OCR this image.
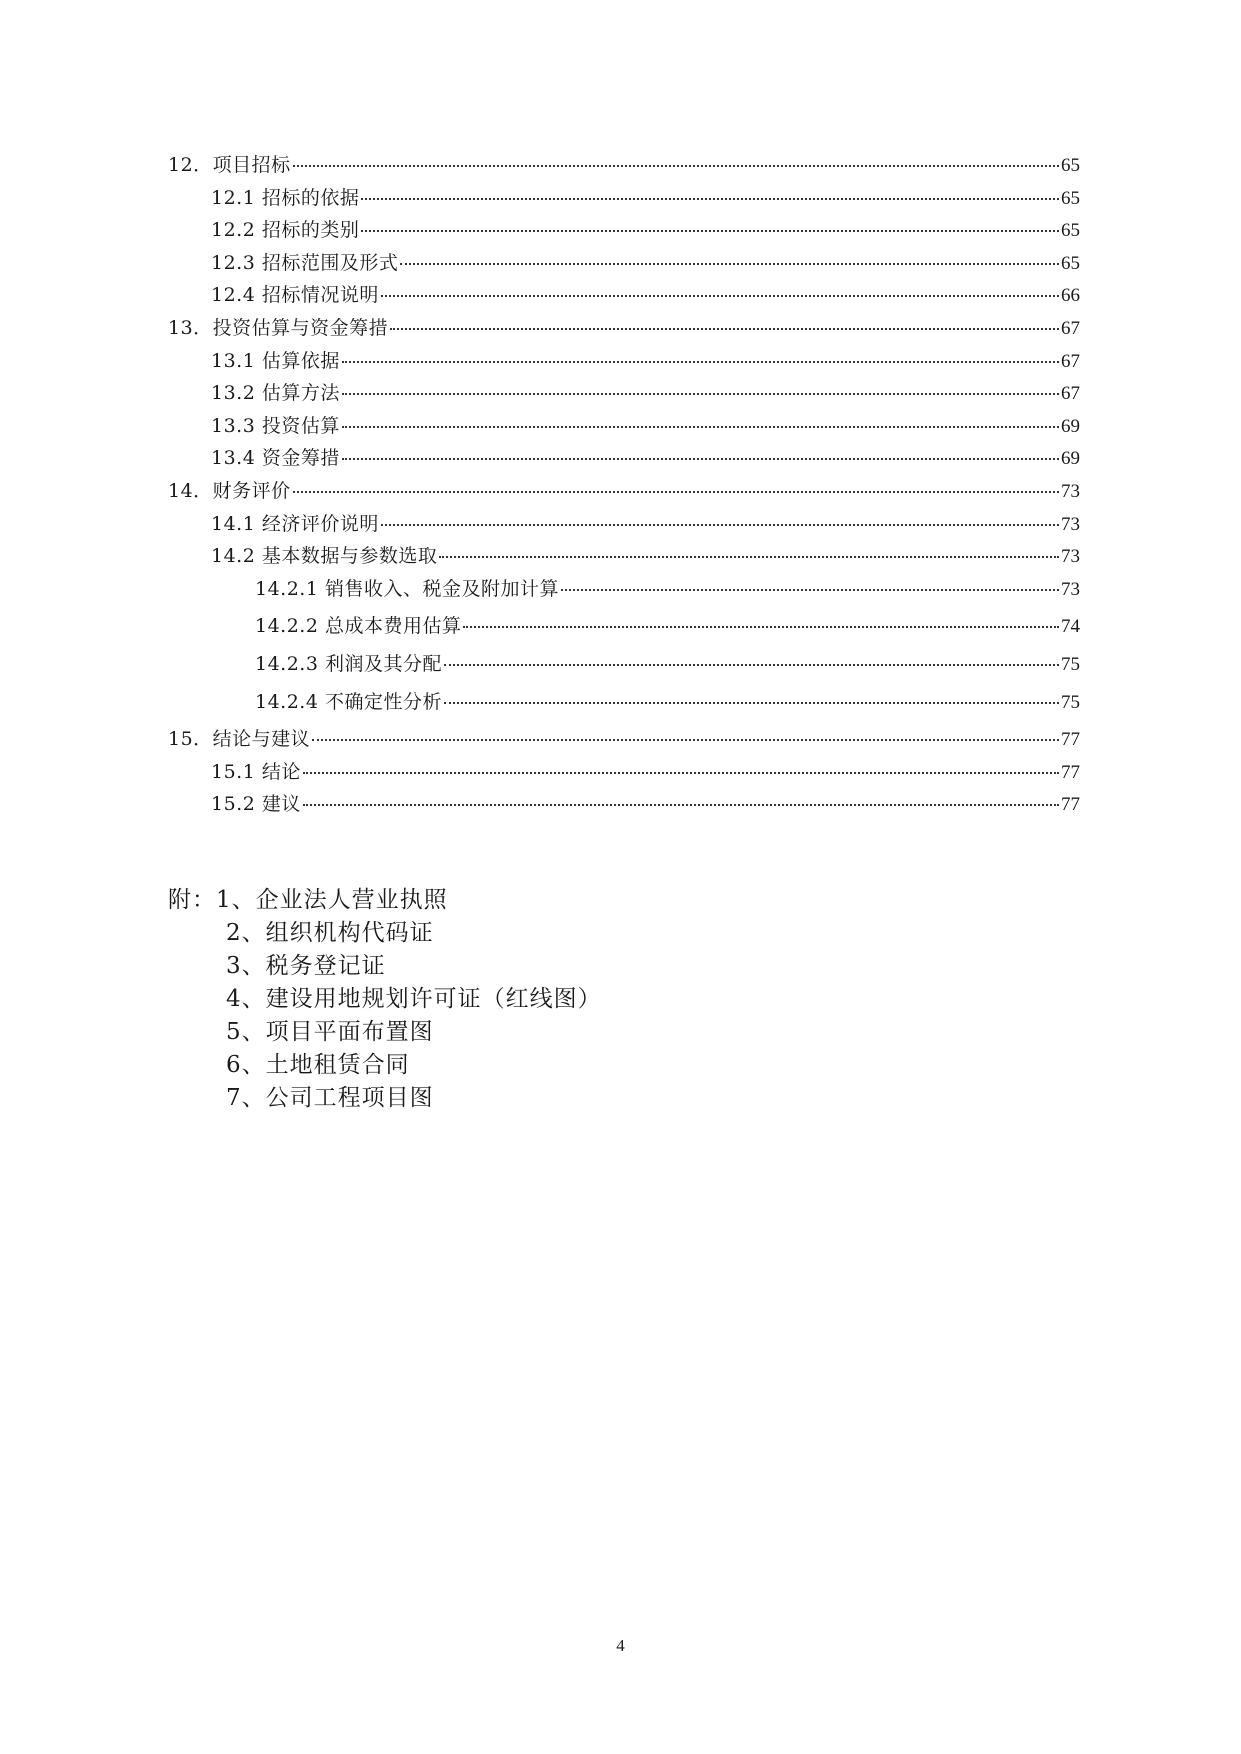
12．项目招标	65
12.1 招标的依据	65
12.2 招标的类别	65
12.3 招标范围及形式	65
12.4 招标情况说明	66
13．投资估算与资金筹措	67
13.1 估算依据	67
13.2 估算方法	67
13.3 投资估算	69
13.4 资金筹措	69
14．财务评价	73
14.1 经济评价说明	73
14.2 基本数据与参数选取	73
14.2.1 销售收入、税金及附加计算	73
14.2.2 总成本费用估算	74
14.2.3 利润及其分配	75
14.2.4 不确定性分析	75
15．结论与建议	77
15.1 结论	77
15.2 建议	77
附：1、企业法人营业执照
2、组织机构代码证
3、税务登记证
4、建设用地规划许可证（红线图）
5、项目平面布置图
6、土地租赁合同
7、公司工程项目图
4
